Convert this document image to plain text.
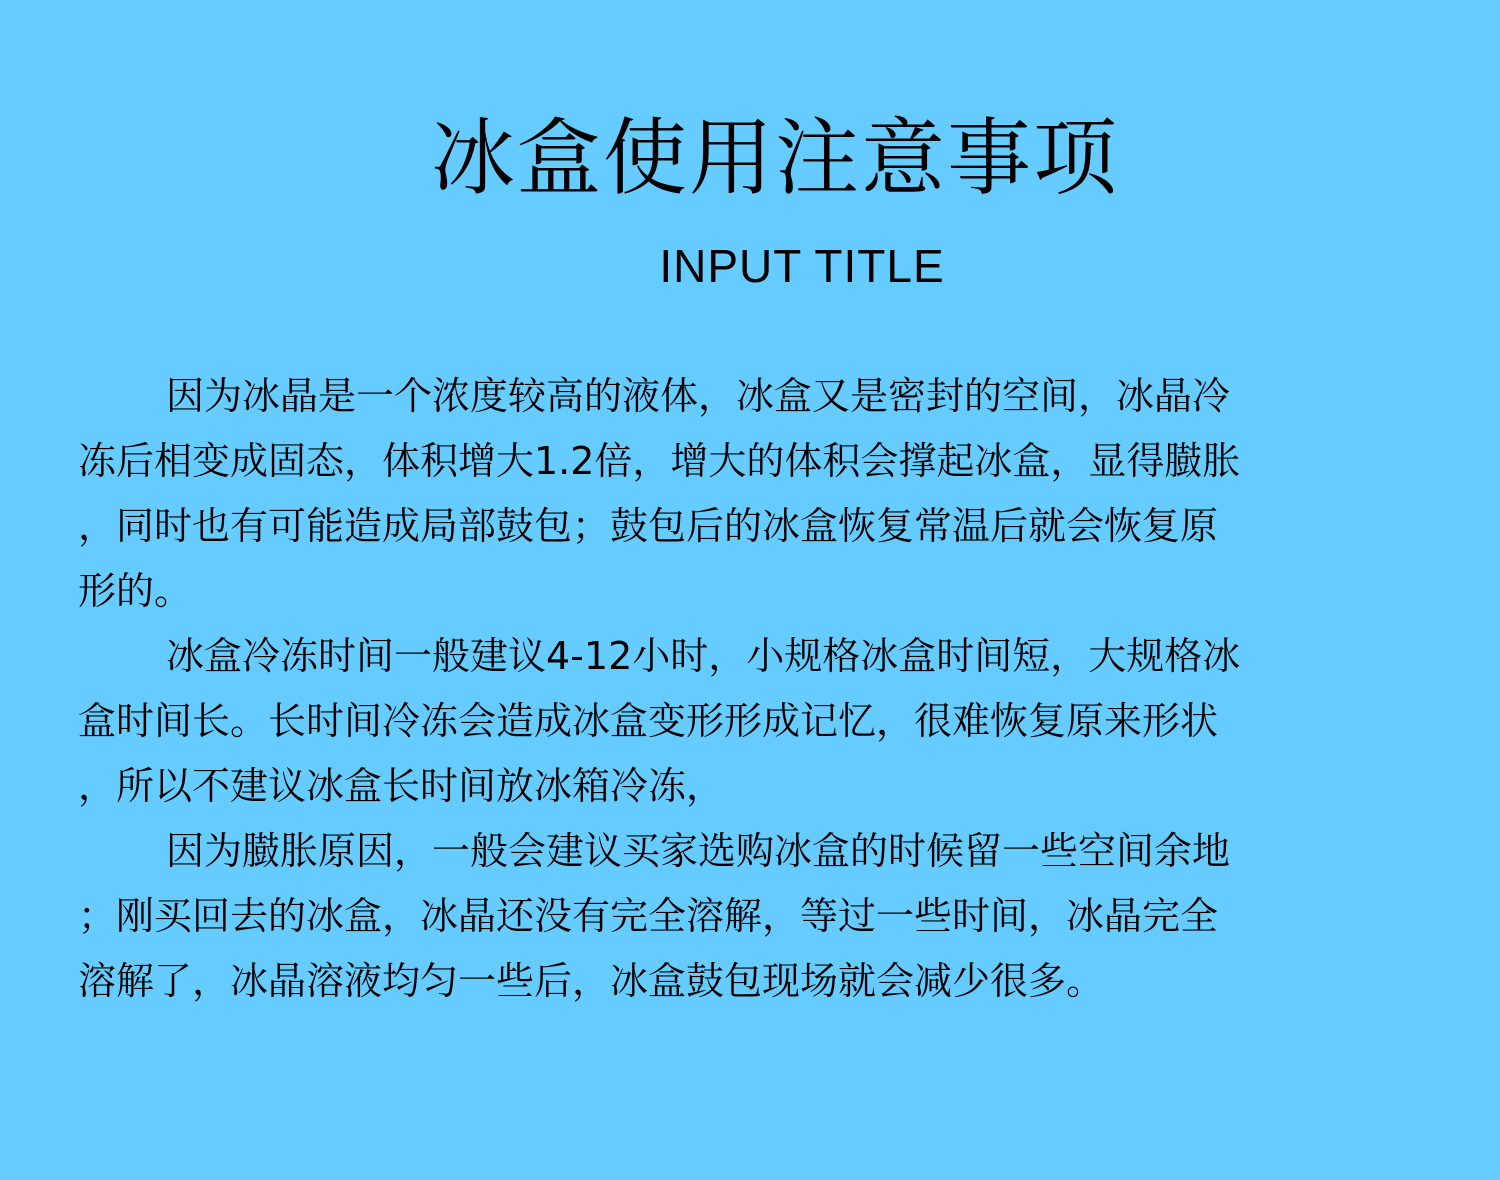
冰盒使用注意事项
INPUT TITLE

因为冰晶是一个浓度较高的液体，冰盒又是密封的空间，冰晶冷
冻后相变成固态，体积增大1.2倍，增大的体积会撑起冰盒，显得臌胀
，同时也有可能造成局部鼓包；鼓包后的冰盒恢复常温后就会恢复原
形的。

冰盒冷冻时间一般建议4-12小时，小规格冰盒时间短，大规格冰
盒时间长。长时间冷冻会造成冰盒变形形成记忆，很难恢复原来形状
，所以不建议冰盒长时间放冰箱冷冻，

因为臌胀原因，一般会建议买家选购冰盒的时候留一些空间余地
；刚买回去的冰盒，冰晶还没有完全溶解，等过一些时间，冰晶完全
溶解了，冰晶溶液均匀一些后，冰盒鼓包现场就会减少很多。
